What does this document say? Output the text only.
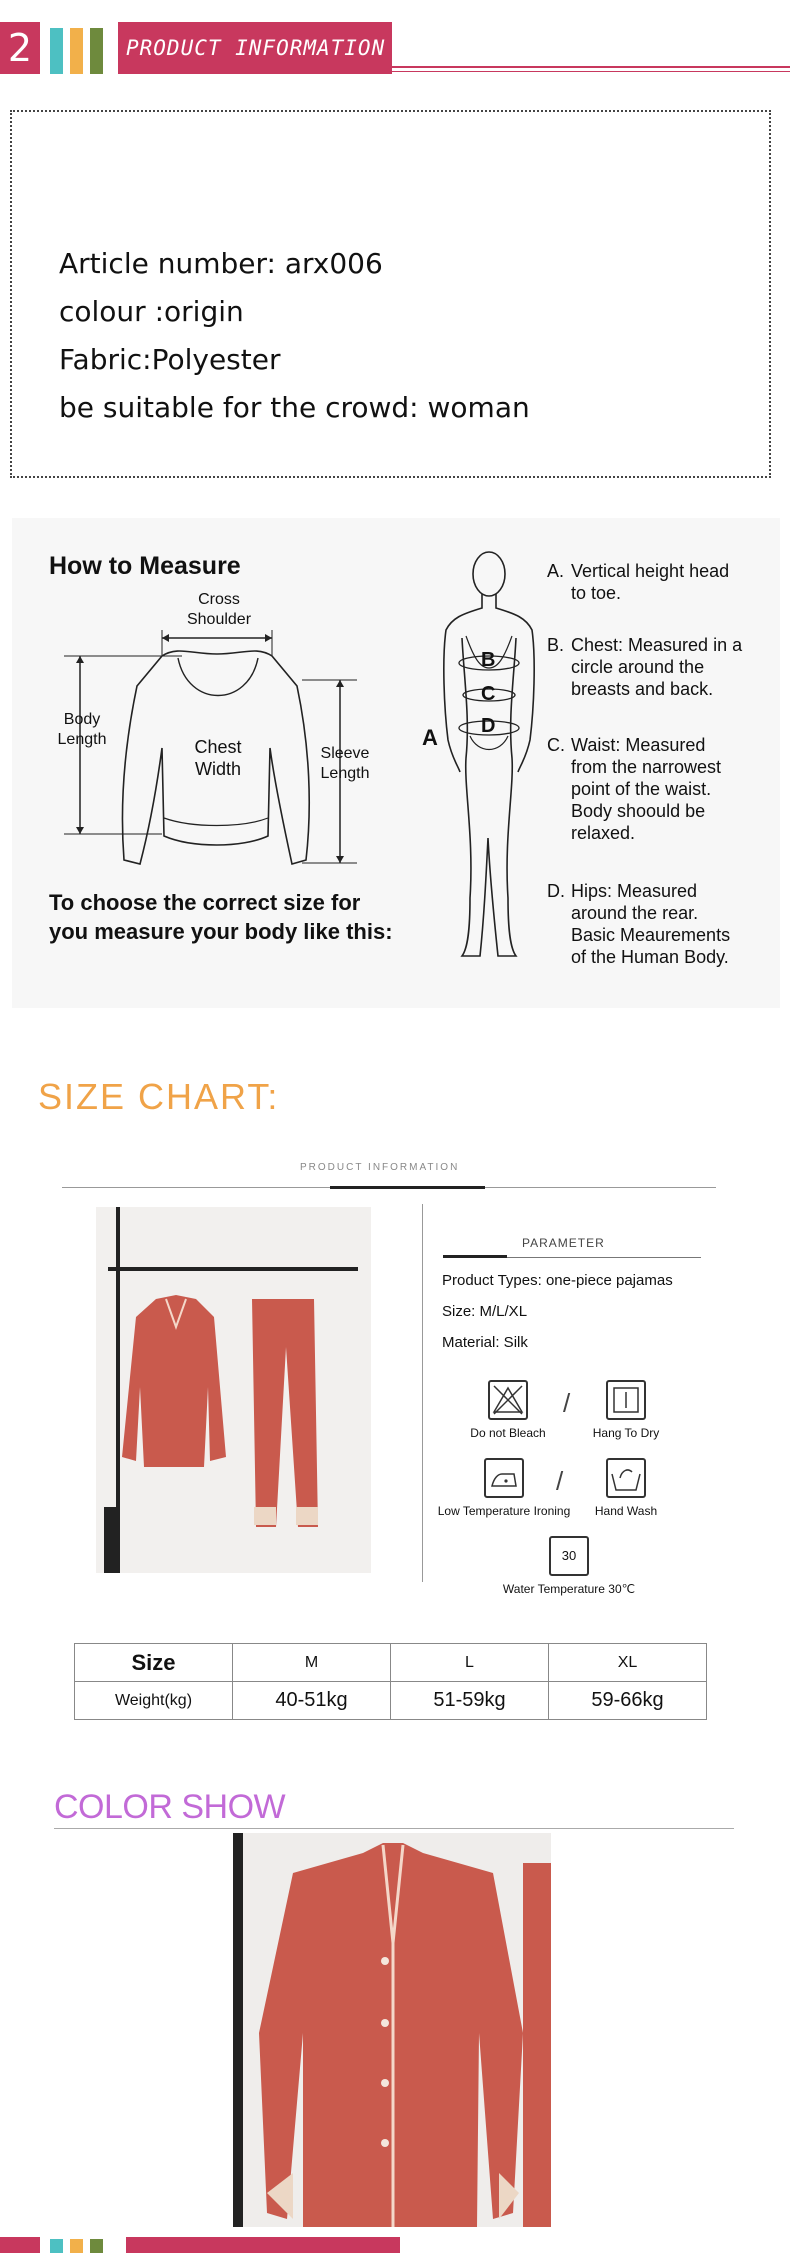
2	PRODUCT INFORMATION
Article number: arx006
colour :origin
Fabric:Polyester
be suitable for the crowd: woman
How to Measure
Cross Shoulder
Body Length	Chest Width
Sleeve Length
A
B
C
D
To choose the correct size for
you measure your body like this:
A. Vertical height head
to toe.
B. Chest: Measured in a
circle around the
breasts and back.
C. Waist: Measured
from the narrowest
point of the waist.
Body shoould be
relaxed.
D. Hips: Measured
around the rear.
Basic Meaurements
of the Human Body.
SIZE CHART:
PRODUCT INFORMATION
PARAMETER
Product Types: one-piece pajamas
Size: M/L/XL
Material: Silk
Do not Bleach
/
Hang To Dry
Low Temperature Ironing
/
Hand Wash
30
Water Temperature 30℃
Size	M	L	XL
Weight(kg)	40-51kg	51-59kg	59-66kg
COLOR SHOW
